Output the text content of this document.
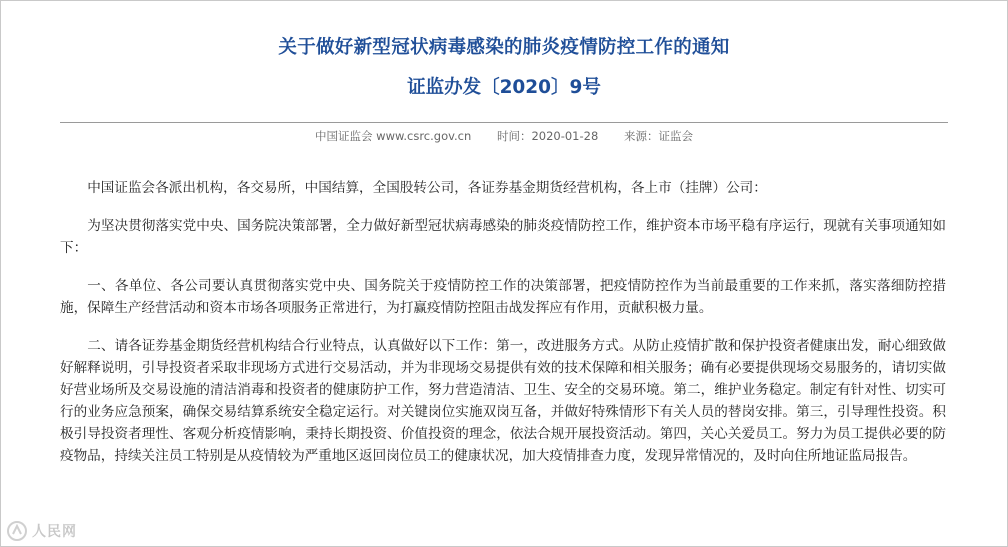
关于做好新型冠状病毒感染的肺炎疫情防控工作的通知
证监办发〔2020〕9号
中国证监会 www.csrc.gov.cn 时间：2020-01-28 来源：证监会

中国证监会各派出机构，各交易所，中国结算，全国股转公司，各证券基金期货经营机构，各上市（挂牌）公司：

为坚决贯彻落实党中央、国务院决策部署，全力做好新型冠状病毒感染的肺炎疫情防控工作，维护资本市场平稳有序运行，现就有关事项通知如下：

一、各单位、各公司要认真贯彻落实党中央、国务院关于疫情防控工作的决策部署，把疫情防控作为当前最重要的工作来抓，落实落细防控措施，保障生产经营活动和资本市场各项服务正常进行，为打赢疫情防控阻击战发挥应有作用，贡献积极力量。

二、请各证券基金期货经营机构结合行业特点，认真做好以下工作：第一，改进服务方式。从防止疫情扩散和保护投资者健康出发，耐心细致做好解释说明，引导投资者采取非现场方式进行交易活动，并为非现场交易提供有效的技术保障和相关服务；确有必要提供现场交易服务的，请切实做好营业场所及交易设施的清洁消毒和投资者的健康防护工作，努力营造清洁、卫生、安全的交易环境。第二，维护业务稳定。制定有针对性、切实可行的业务应急预案，确保交易结算系统安全稳定运行。对关键岗位实施双岗互备，并做好特殊情形下有关人员的替岗安排。第三，引导理性投资。积极引导投资者理性、客观分析疫情影响，秉持长期投资、价值投资的理念，依法合规开展投资活动。第四，关心关爱员工。努力为员工提供必要的防疫物品，持续关注员工特别是从疫情较为严重地区返回岗位员工的健康状况，加大疫情排查力度，发现异常情况的，及时向住所地证监局报告。

人民网
